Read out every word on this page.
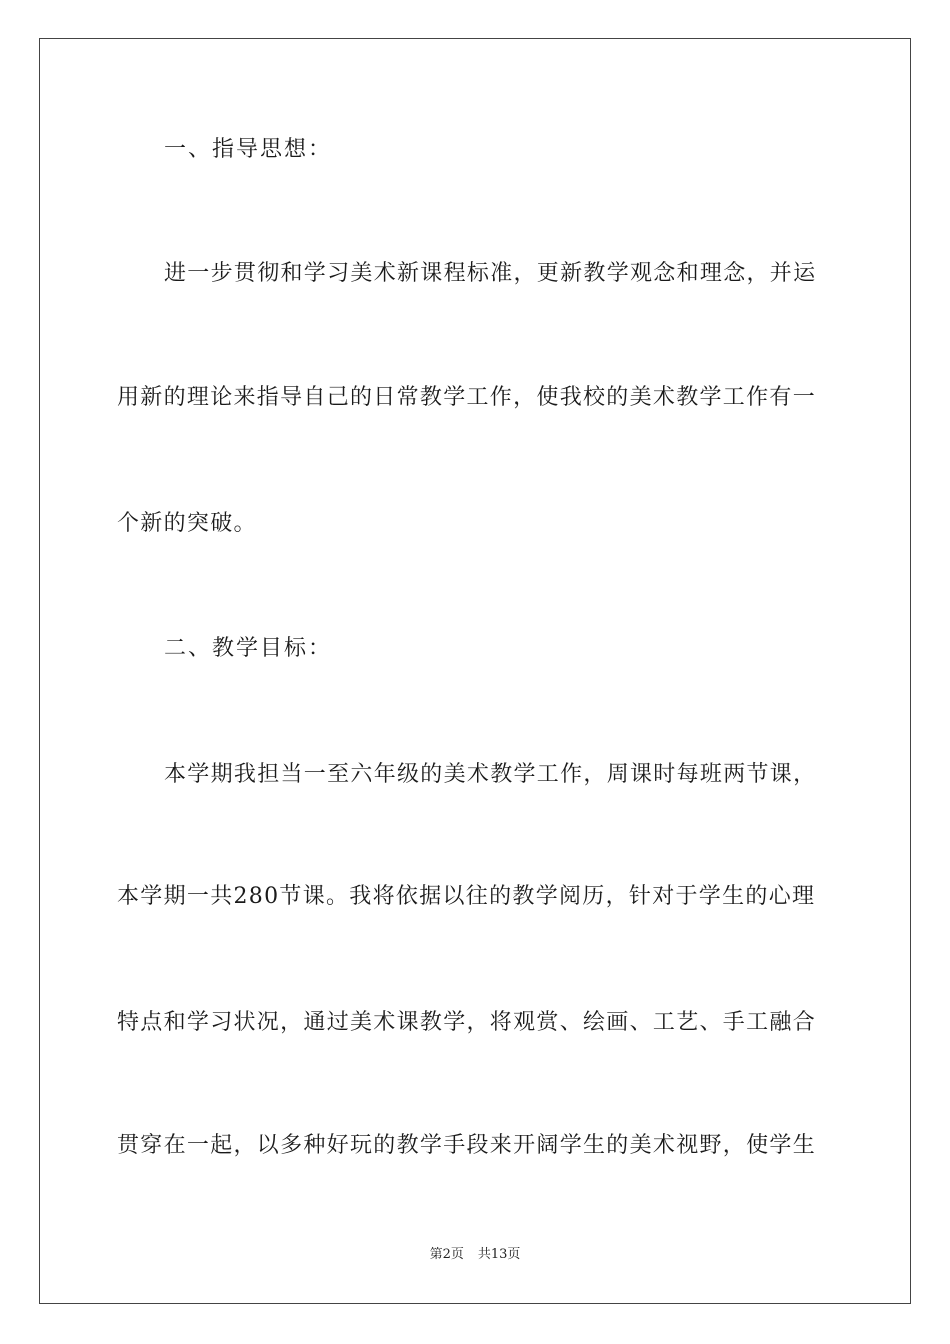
一、指导思想：

进一步贯彻和学习美术新课程标准，更新教学观念和理念，并运

用新的理论来指导自己的日常教学工作，使我校的美术教学工作有一

个新的突破。

二、教学目标：

本学期我担当一至六年级的美术教学工作，周课时每班两节课，

本学期一共280节课。我将依据以往的教学阅历，针对于学生的心理

特点和学习状况，通过美术课教学，将观赏、绘画、工艺、手工融合

贯穿在一起，以多种好玩的教学手段来开阔学生的美术视野，使学生

第2页 共13页
